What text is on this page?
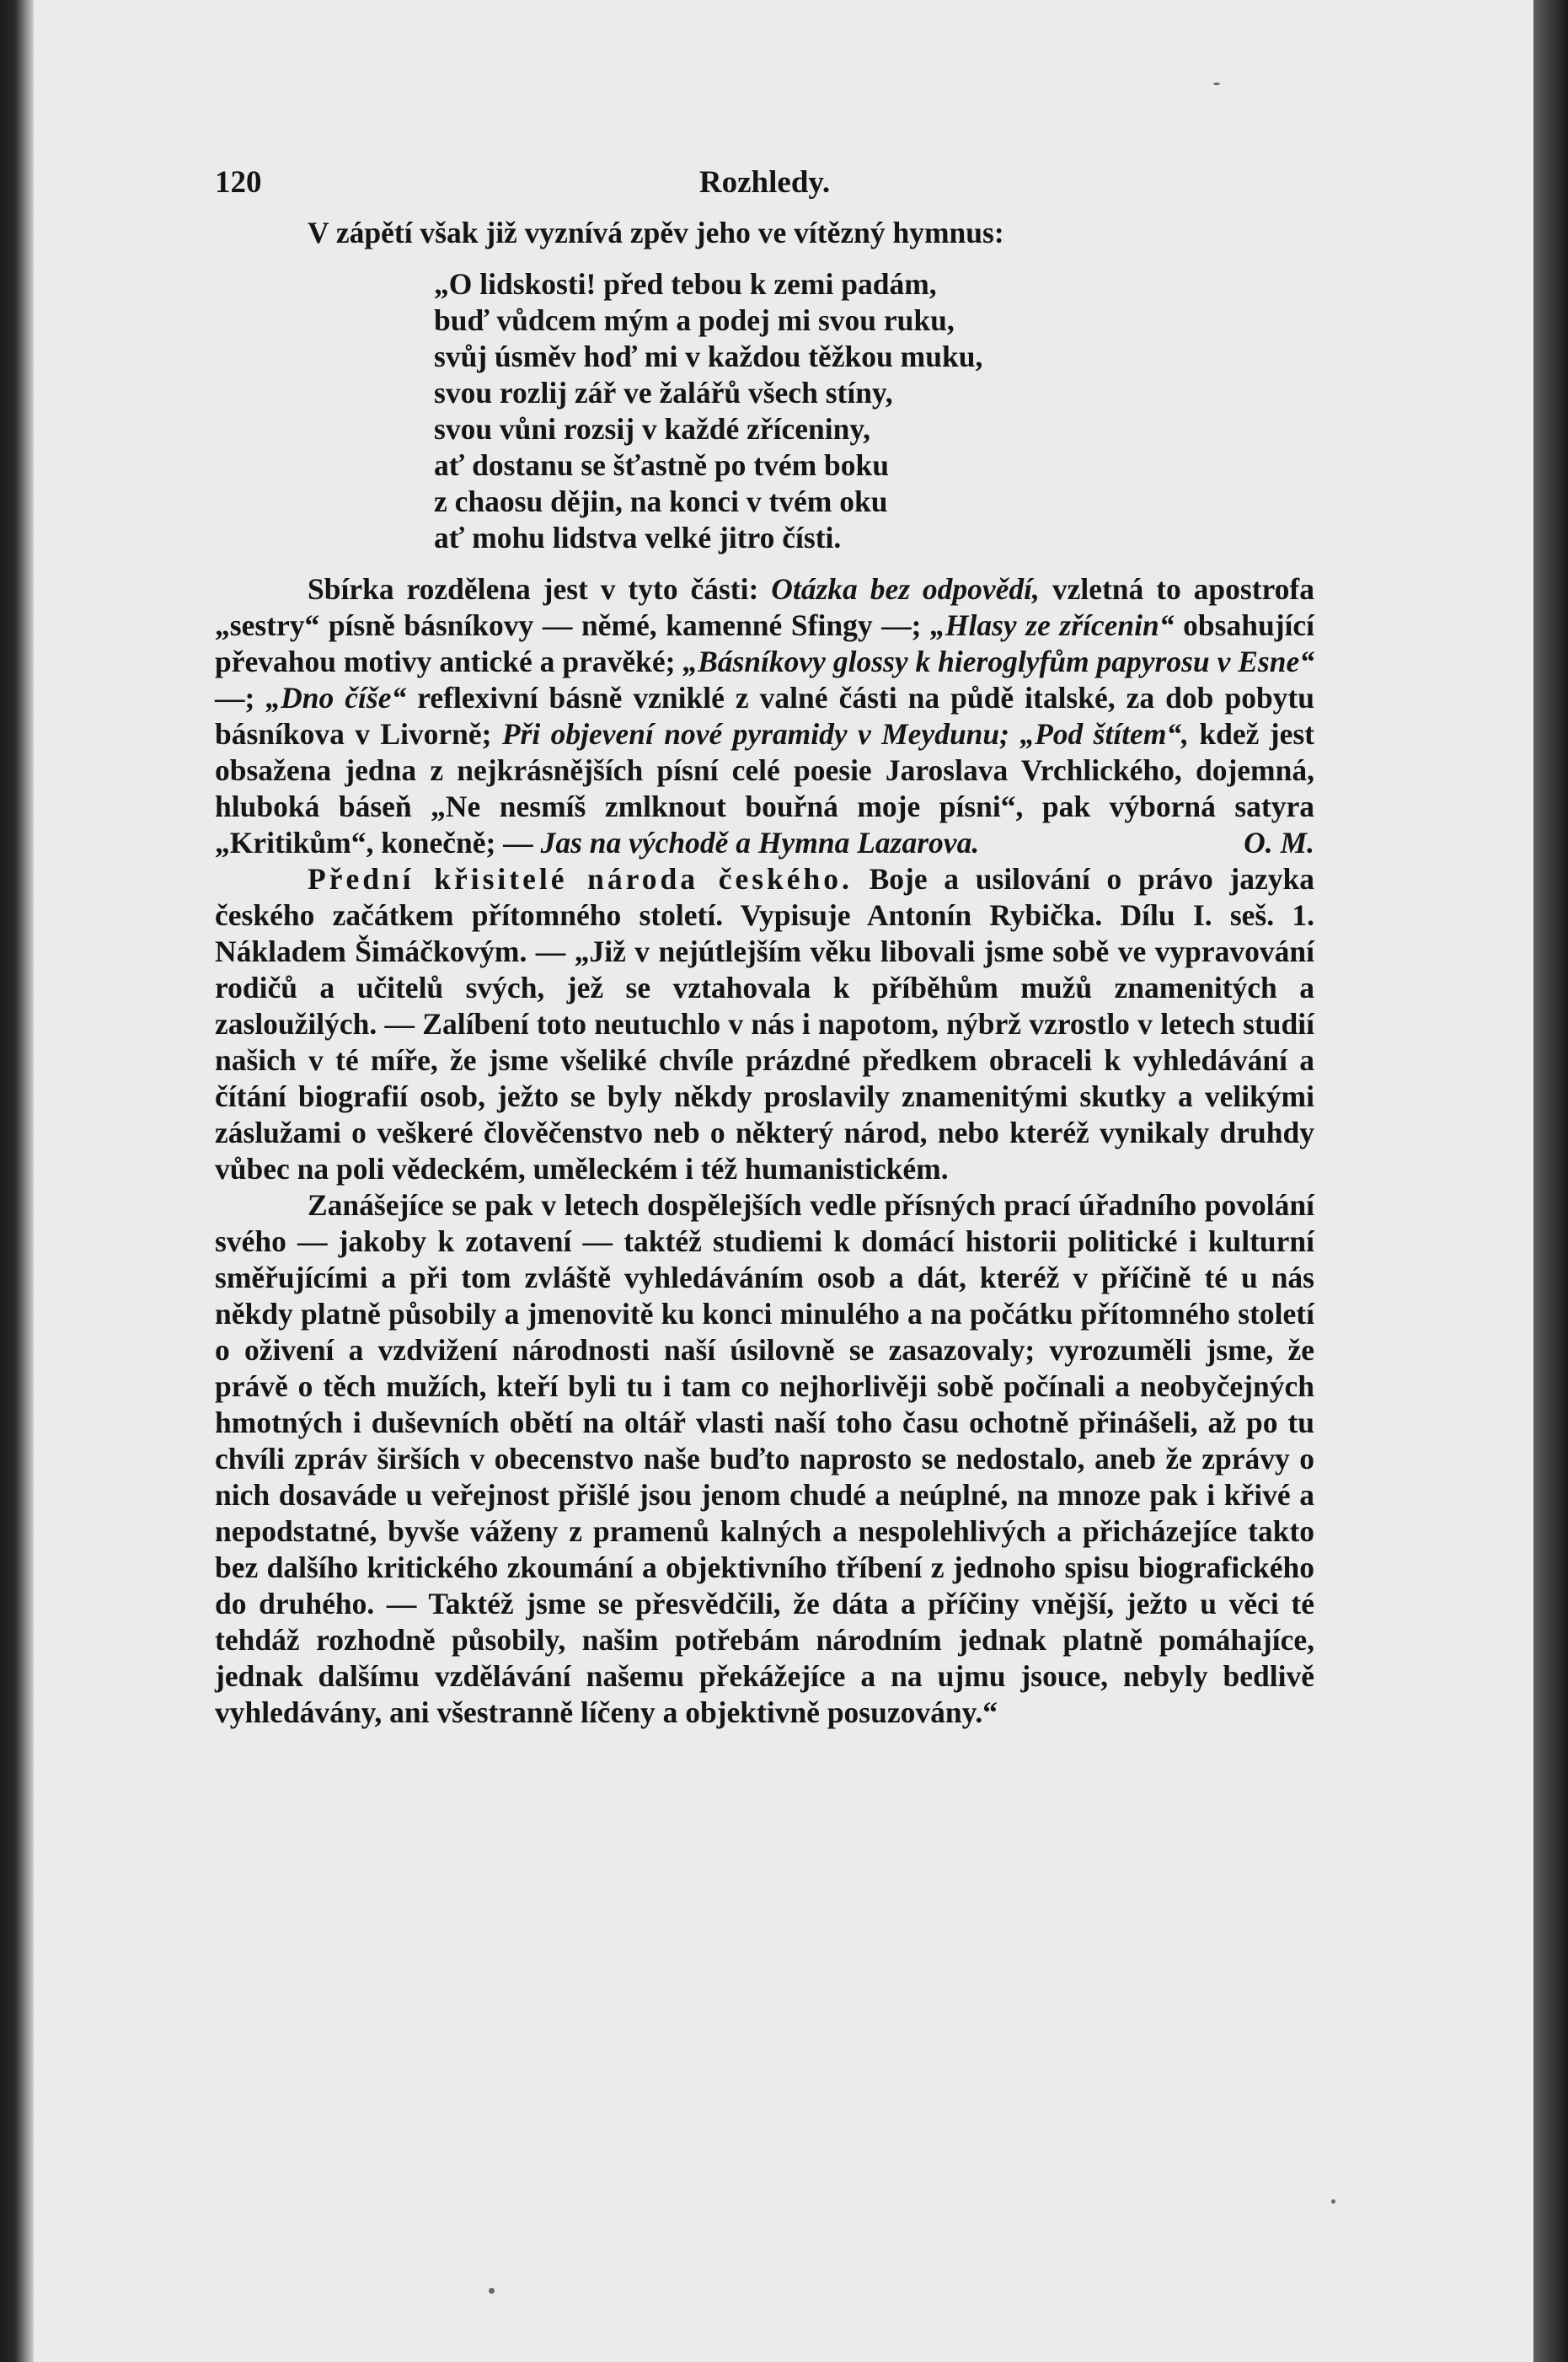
120	Rozhledy.

V zápětí však již vyznívá zpěv jeho ve vítězný hymnus:

„O lidskosti! před tebou k zemi padám,
buď vůdcem mým a podej mi svou ruku,
svůj úsměv hoď mi v každou těžkou muku,
svou rozlij zář ve žalářů všech stíny,
svou vůni rozsij v každé zříceniny,
ať dostanu se šťastně po tvém boku
z chaosu dějin, na konci v tvém oku
ať mohu lidstva velké jitro čísti.

Sbírka rozdělena jest v tyto části: Otázka bez odpovědí, vzletná to apostrofa „sestry“ písně básníkovy — němé, kamenné Sfingy —; „Hlasy ze zřícenin“ obsahující převahou motivy antické a pravěké; „Básníkovy glossy k hieroglyfům papyrosu v Esne“ —; „Dno číše“ reflexivní básně vzniklé z valné části na půdě italské, za dob pobytu básníkova v Livorně; Při objevení nové pyramidy v Meydunu; „Pod štítem“, kdež jest obsažena jedna z nejkrásnějších písní celé poesie Jaroslava Vrchlického, dojemná, hluboká báseň „Ne nesmíš zmlknout bouřná moje písni“, pak výborná satyra „Kritikům“, konečně; — Jas na východě a Hymna Lazarova.	O. M.

Přední křisitelé národa českého. Boje a usilování o právo jazyka českého začátkem přítomného století. Vypisuje Antonín Rybička. Dílu I. seš. 1. Nákladem Šimáčkovým. — „Již v nejútlejším věku libovali jsme sobě ve vypravování rodičů a učitelů svých, jež se vztahovala k příběhům mužů znamenitých a zasloužilých. — Zalíbení toto neutuchlo v nás i napotom, nýbrž vzrostlo v letech studií našich v té míře, že jsme všeliké chvíle prázdné předkem obraceli k vyhledávání a čítání biografií osob, ježto se byly někdy proslavily znamenitými skutky a velikými záslužami o veškeré člověčenstvo neb o některý národ, nebo kteréž vynikaly druhdy vůbec na poli vědeckém, uměleckém i též humanistickém.

Zanášejíce se pak v letech dospělejších vedle přísných prací úřadního povolání svého — jakoby k zotavení — taktéž studiemi k domácí historii politické i kulturní směřujícími a při tom zvláště vyhledáváním osob a dát, kteréž v příčině té u nás někdy platně působily a jmenovitě ku konci minulého a na počátku přítomného století o oživení a vzdvižení národnosti naší úsilovně se zasazovaly; vyrozuměli jsme, že právě o těch mužích, kteří byli tu i tam co nejhorlivěji sobě počínali a neobyčejných hmotných i duševních obětí na oltář vlasti naší toho času ochotně přinášeli, až po tu chvíli zpráv širších v obecenstvo naše buďto naprosto se nedostalo, aneb že zprávy o nich dosaváde u veřejnost přišlé jsou jenom chudé a neúplné, na mnoze pak i křivé a nepodstatné, byvše váženy z pramenů kalných a nespolehlivých a přicházejíce takto bez dalšího kritického zkoumání a objektivního tříbení z jednoho spisu biografického do druhého. — Taktéž jsme se přesvědčili, že dáta a příčiny vnější, ježto u věci té tehdáž rozhodně působily, našim potřebám národním jednak platně pomáhajíce, jednak dalšímu vzdělávání našemu překážejíce a na ujmu jsouce, nebyly bedlivě vyhledávány, ani všestranně líčeny a objektivně posuzovány.“
